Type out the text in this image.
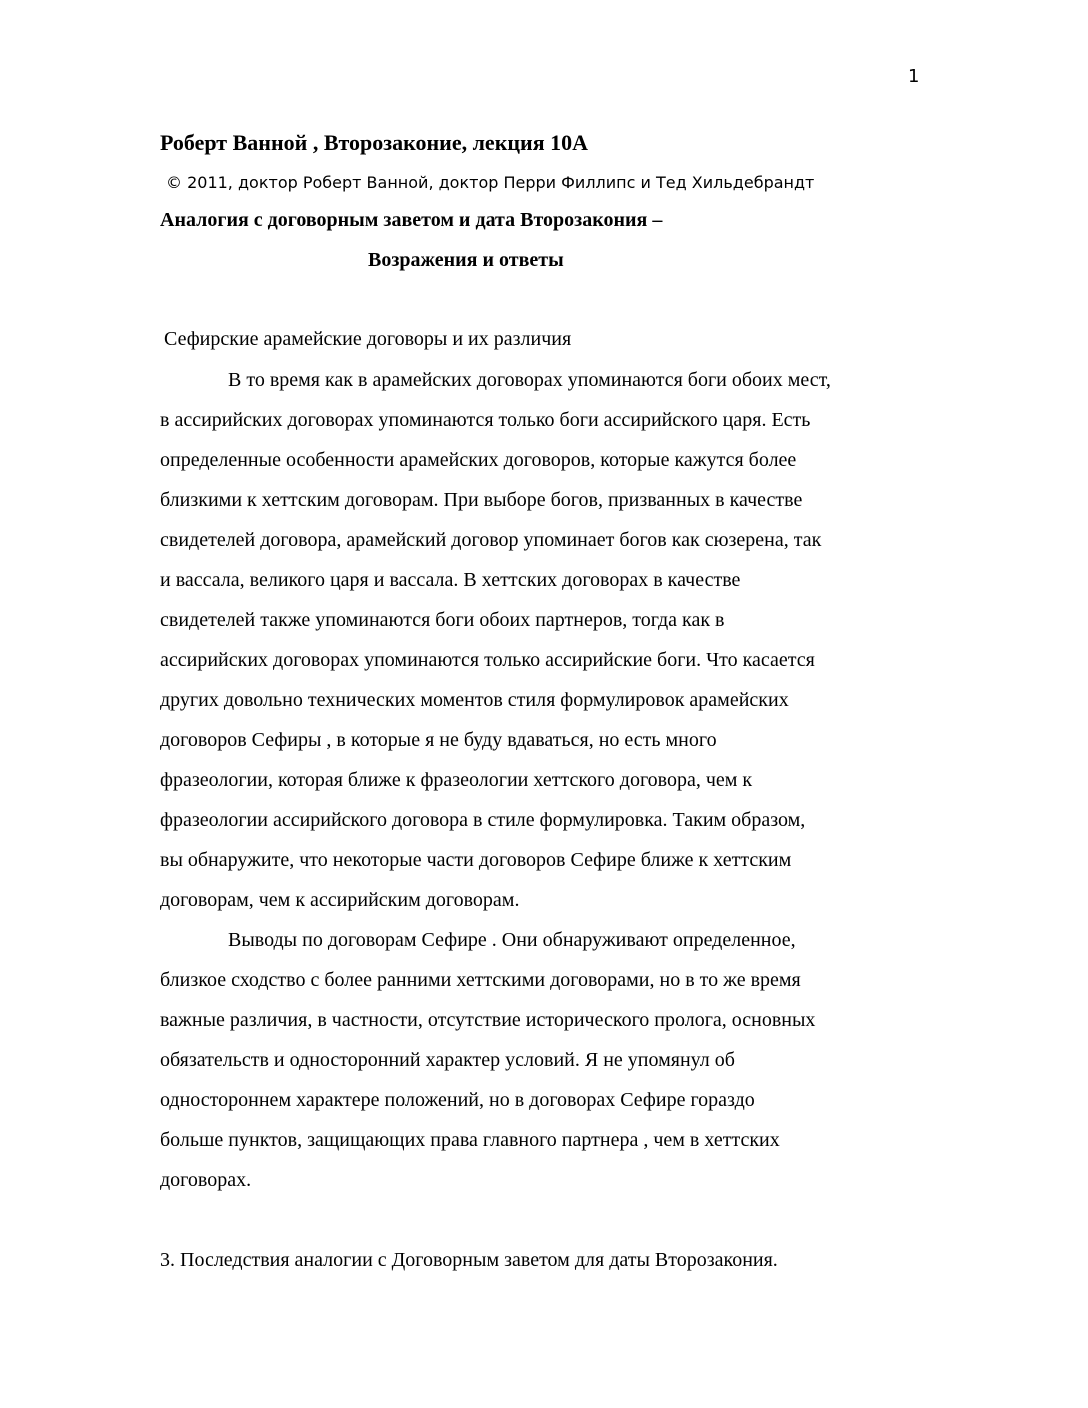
1
Роберт Ванной , Второзаконие, лекция 10А
© 2011, доктор Роберт Ванной, доктор Перри Филлипс и Тед Хильдебрандт
Аналогия с договорным заветом и дата Второзакония –
Возражения и ответы
Сефирские арамейские договоры и их различия
В то время как в арамейских договорах упоминаются боги обоих мест,
в ассирийских договорах упоминаются только боги ассирийского царя. Есть
определенные особенности арамейских договоров, которые кажутся более
близкими к хеттским договорам. При выборе богов, призванных в качестве
свидетелей договора, арамейский договор упоминает богов как сюзерена, так
и вассала, великого царя и вассала. В хеттских договорах в качестве
свидетелей также упоминаются боги обоих партнеров, тогда как в
ассирийских договорах упоминаются только ассирийские боги. Что касается
других довольно технических моментов стиля формулировок арамейских
договоров Сефиры , в которые я не буду вдаваться, но есть много
фразеологии, которая ближе к фразеологии хеттского договора, чем к
фразеологии ассирийского договора в стиле формулировка. Таким образом,
вы обнаружите, что некоторые части договоров Сефире ближе к хеттским
договорам, чем к ассирийским договорам.
Выводы по договорам Сефире . Они обнаруживают определенное,
близкое сходство с более ранними хеттскими договорами, но в то же время
важные различия, в частности, отсутствие исторического пролога, основных
обязательств и односторонний характер условий. Я не упомянул об
одностороннем характере положений, но в договорах Сефире гораздо
больше пунктов, защищающих права главного партнера , чем в хеттских
договорах.
3. Последствия аналогии с Договорным заветом для даты Второзакония.
